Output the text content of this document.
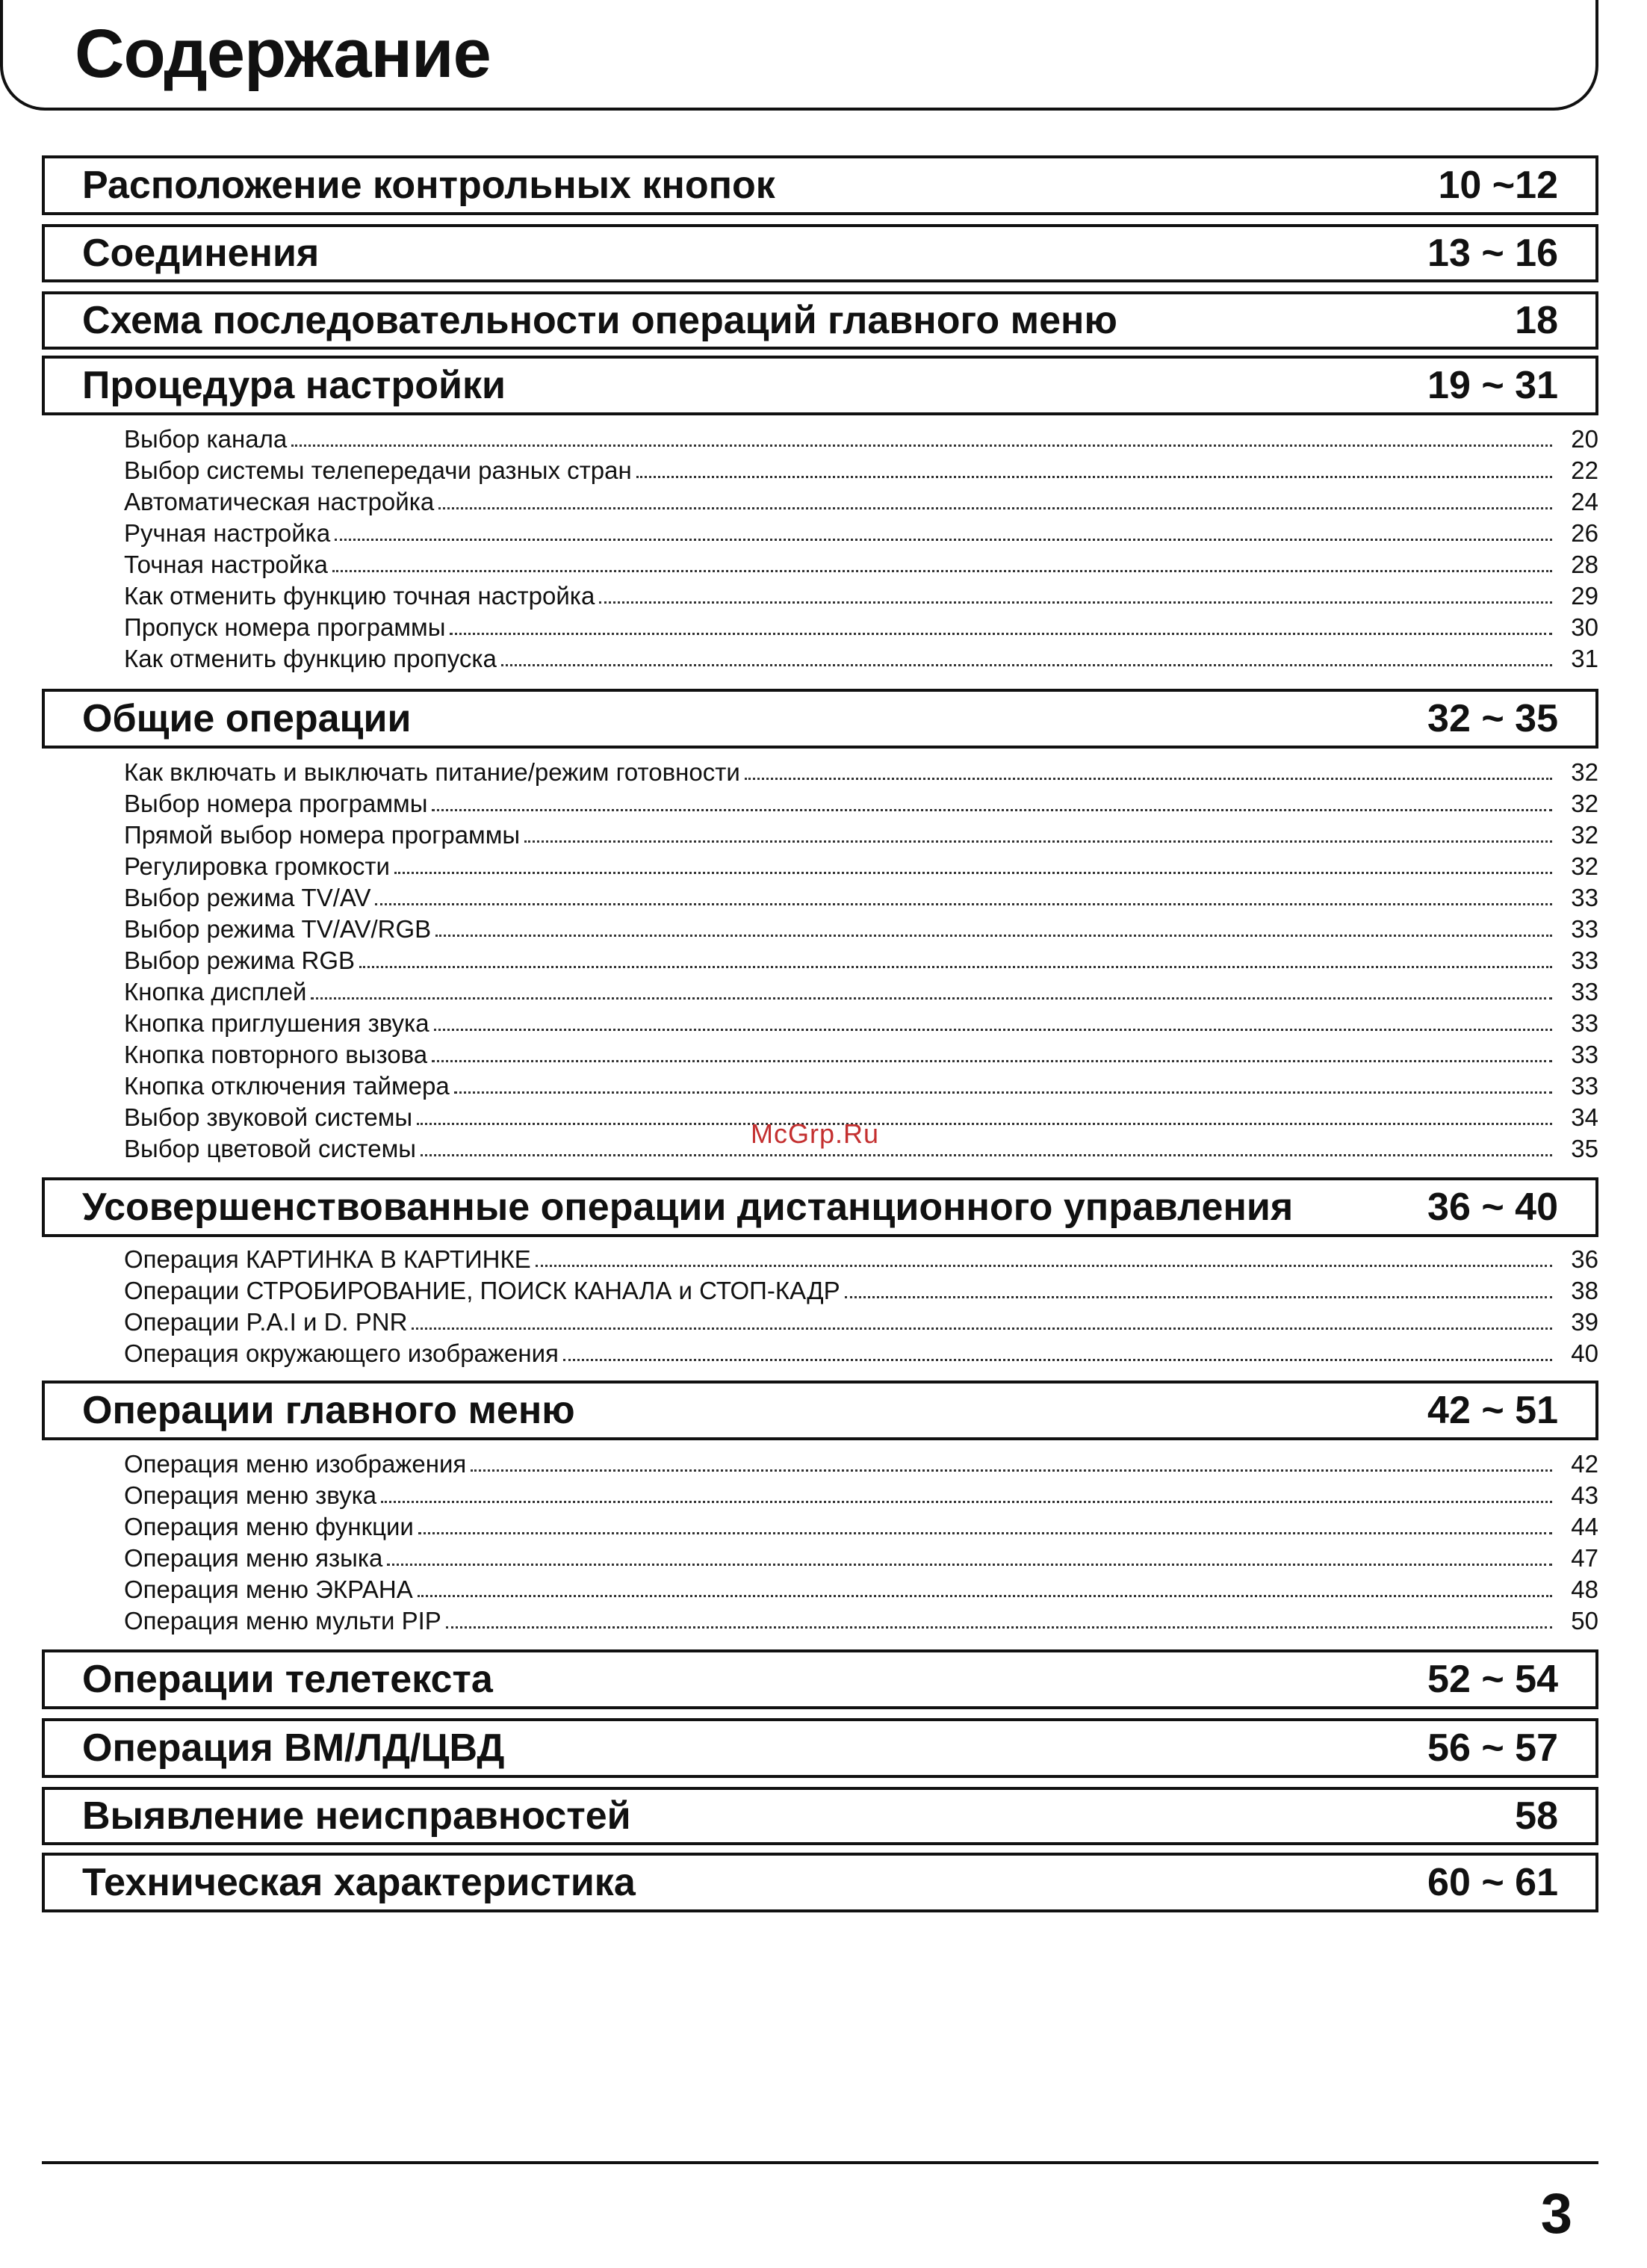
Содержание
Расположение контрольных кнопок	10 ~12
Соединения	13 ~ 16
Схема последовательности операций главного меню	18
Процедура настройки	19 ~ 31
Выбор канала	20
Выбор системы телепередачи разных стран	22
Автоматическая настройка	24
Ручная настройка	26
Точная настройка	28
Как отменить функцию точная настройка	29
Пропуск номера программы	30
Как отменить функцию пропуска	31
Общие операции	32 ~ 35
Как включать и выключать питание/режим готовности	32
Выбор номера программы	32
Прямой выбор номера программы	32
Регулировка громкости	32
Выбор режима TV/AV	33
Выбор режима TV/AV/RGB	33
Выбор режима RGB	33
Кнопка дисплей	33
Кнопка приглушения звука	33
Кнопка повторного вызова	33
Кнопка отключения таймера	33
Выбор звуковой системы	34
Выбор цветовой системы	35
Усовершенствованные операции дистанционного управления	36 ~ 40
Операция КАРТИНКА В КАРТИНКЕ	36
Операции СТРОБИРОВАНИЕ, ПОИСК КАНАЛА и СТОП-КАДР	38
Операции P.A.I и D. PNR	39
Операция окружающего изображения	40
Операции главного меню	42 ~ 51
Операция меню изображения	42
Операция меню звука	43
Операция меню функции	44
Операция меню языка	47
Операция меню ЭКРАНА	48
Операция меню мульти PIP	50
Операции телетекста	52 ~ 54
Операция ВМ/ЛД/ЦВД	56 ~ 57
Выявление неисправностей	58
Техническая характеристика	60 ~ 61
McGrp.Ru
3
